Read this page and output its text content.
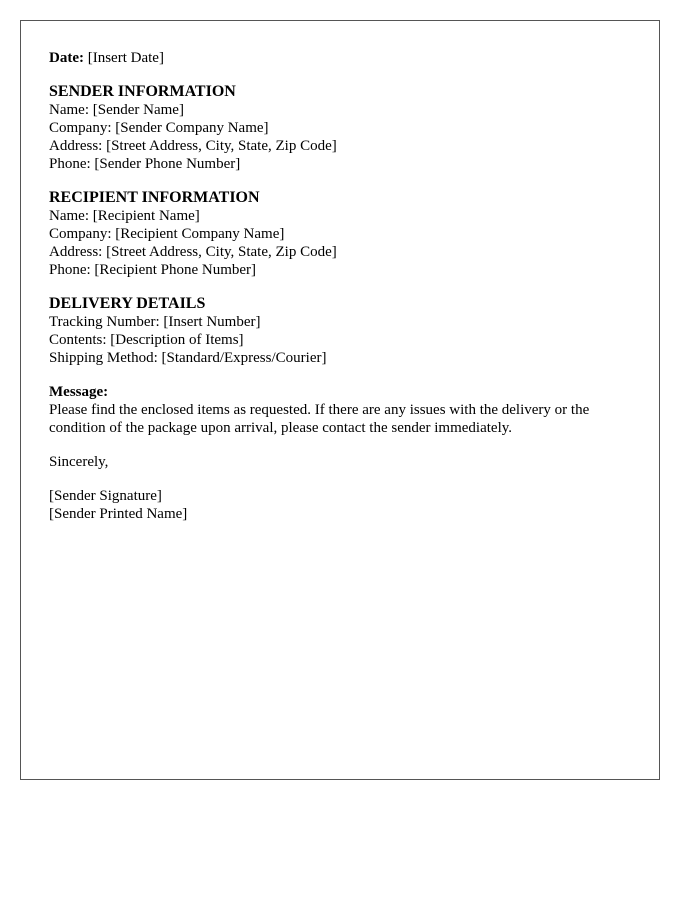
Date: [Insert Date]
SENDER INFORMATION
Name: [Sender Name]
Company: [Sender Company Name]
Address: [Street Address, City, State, Zip Code]
Phone: [Sender Phone Number]
RECIPIENT INFORMATION
Name: [Recipient Name]
Company: [Recipient Company Name]
Address: [Street Address, City, State, Zip Code]
Phone: [Recipient Phone Number]
DELIVERY DETAILS
Tracking Number: [Insert Number]
Contents: [Description of Items]
Shipping Method: [Standard/Express/Courier]
Message:
Please find the enclosed items as requested. If there are any issues with the delivery or the condition of the package upon arrival, please contact the sender immediately.
Sincerely,
[Sender Signature]
[Sender Printed Name]
